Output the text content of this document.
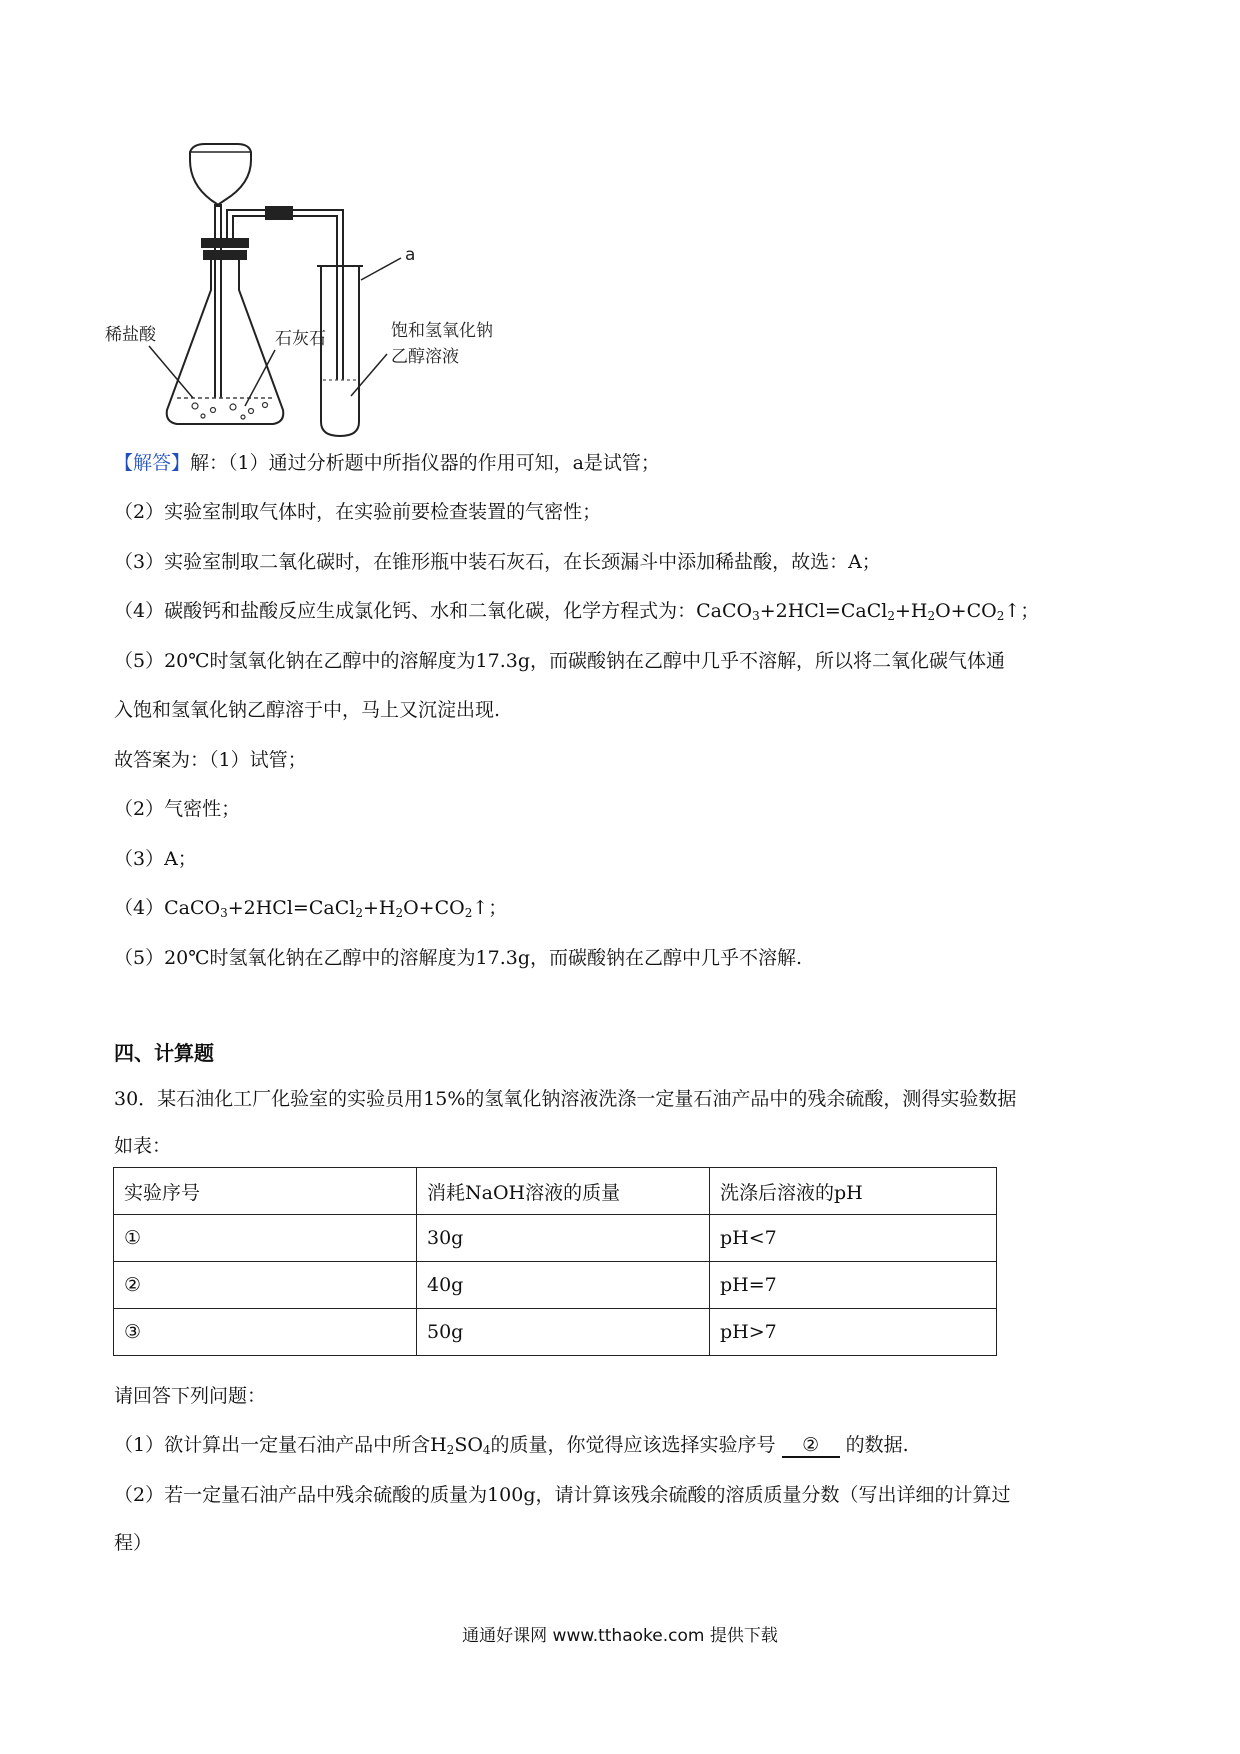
a
稀盐酸	石灰石	饱和氢氧化钠
乙醇溶液
【解答】解：（1）通过分析题中所指仪器的作用可知，a是试管；
（2）实验室制取气体时，在实验前要检查装置的气密性；
（3）实验室制取二氧化碳时，在锥形瓶中装石灰石，在长颈漏斗中添加稀盐酸，故选：A；
（4）碳酸钙和盐酸反应生成氯化钙、水和二氧化碳，化学方程式为：$CaCO_3+2HCl=CaCl_2+H_2O+CO_2↑$；
（5）20℃时氢氧化钠在乙醇中的溶解度为17.3g，而碳酸钠在乙醇中几乎不溶解，所以将二氧化碳气体通
入饱和氢氧化钠乙醇溶于中，马上又沉淀出现.
故答案为：（1）试管；
（2）气密性；
（3）A；
$(4)CaCO_3+2HCl=CaCl_2+H_2O+CO_2↑$；
（5）20℃时氢氧化钠在乙醇中的溶解度为17.3g，而碳酸钠在乙醇中几乎不溶解.
四、计算题
30．某石油化工厂化验室的实验员用15%的氢氧化钠溶液洗涤一定量石油产品中的残余硫酸，测得实验数据
如表：
实验序号	消耗NaOH溶液的质量	洗涤后溶液的pH
①	30g	pH<7
②	40g	pH=7
③	50g	pH>7
请回答下列问题：
（1）欲计算出一定量石油产品中所含$H_2SO_4$的质量，你觉得应该选择实验序号 ② 的数据.
（2）若一定量石油产品中残余硫酸的质量为100g，请计算该残余硫酸的溶质质量分数（写出详细的计算过
程）
通通好课网 www.tthaoke.com 提供下载
